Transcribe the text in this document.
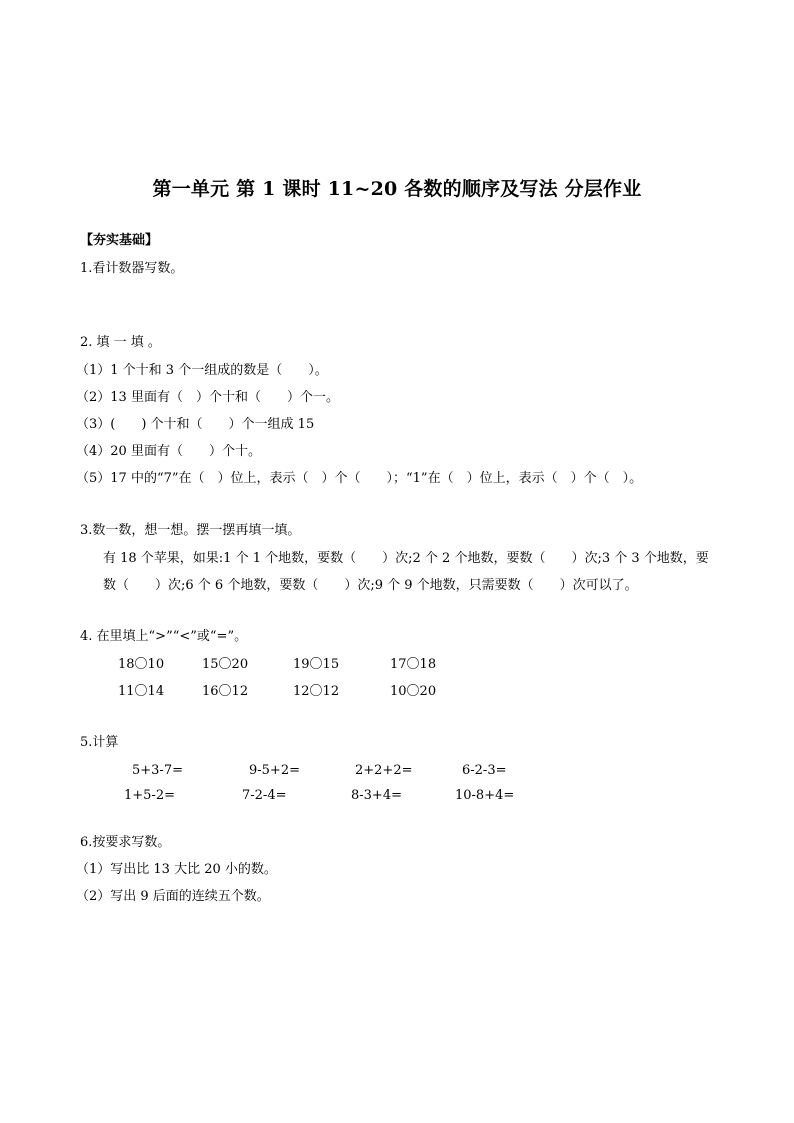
第一单元 第 1 课时 11~20 各数的顺序及写法 分层作业
【夯实基础】
1.看计数器写数。
2. 填 一 填 。
（1）1 个十和 3 个一组成的数是（　　）。
（2）13 里面有（　）个十和（　　）个一。
（3）(　　) 个十和（　　）个一组成 15
（4）20 里面有（　　）个十。
（5）17 中的“7”在（　）位上，表示（　）个（　　）；“1”在（　）位上，表示（　）个（　）。
3.数一数，想一想。摆一摆再填一填。
有 18 个苹果，如果:1 个 1 个地数，要数（　　）次;2 个 2 个地数，要数（　　）次;3 个 3 个地数，要
数（　　）次;6 个 6 个地数，要数（　　）次;9 个 9 个地数，只需要数（　　）次可以了。
4. 在里填上“>”“<”或“=”。
18〇10	15〇20	19〇15	17〇18
11〇14	16〇12	12〇12	10〇20
5.计算
5+3-7=	9-5+2=	2+2+2=	6-2-3=
1+5-2=	7-2-4=	8-3+4=	10-8+4=
6.按要求写数。
（1）写出比 13 大比 20 小的数。
（2）写出 9 后面的连续五个数。
